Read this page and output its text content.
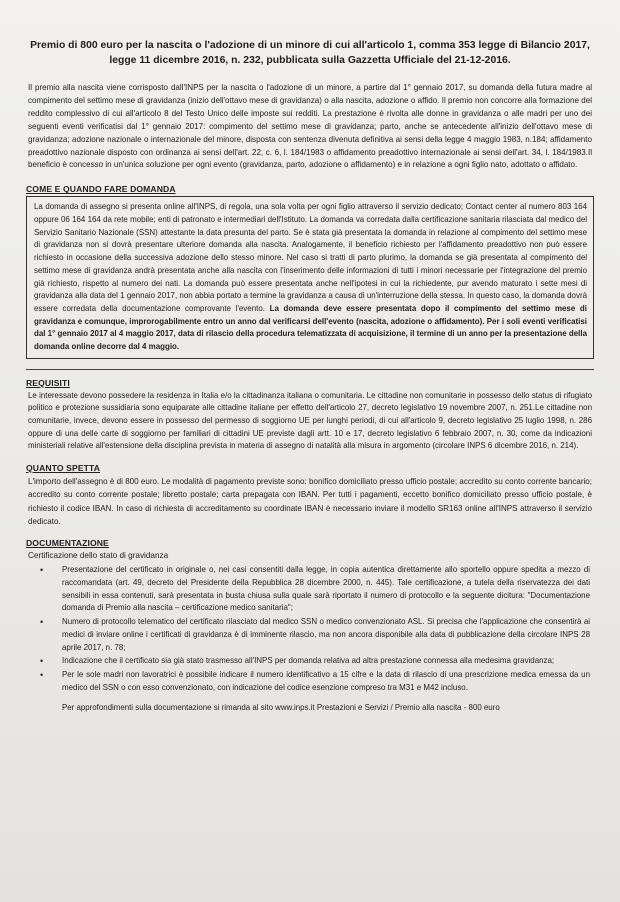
Premio di 800 euro per la nascita o l'adozione di un minore di cui all'articolo 1, comma 353 legge di Bilancio 2017, legge 11 dicembre 2016, n. 232, pubblicata sulla Gazzetta Ufficiale del 21-12-2016.

Il premio alla nascita viene corrisposto dall'INPS per la nascita o l'adozione di un minore, a partire dal 1° gennaio 2017, su domanda della futura madre al compimento del settimo mese di gravidanza (inizio dell'ottavo mese di gravidanza) o alla nascita, adozione o affido. Il premio non concorre alla formazione del reddito complessivo di cui all'articolo 8 del Testo Unico delle imposte sui redditi. La prestazione è rivolta alle donne in gravidanza o alle madri per uno dei seguenti eventi verificatisi dal 1° gennaio 2017: compimento del settimo mese di gravidanza; parto, anche se antecedente all'inizio dell'ottavo mese di gravidanza; adozione nazionale o internazionale del minore, disposta con sentenza divenuta definitiva ai sensi della legge 4 maggio 1983, n.184; affidamento preadottivo nazionale disposto con ordinanza ai sensi dell'art. 22, c. 6, l. 184/1983 o affidamento preadottivo internazionale ai sensi dell'art. 34, l. 184/1983.Il beneficio è concesso in un'unica soluzione per ogni evento (gravidanza, parto, adozione o affidamento) e in relazione a ogni figlio nato, adottato o affidato.

COME E QUANDO FARE DOMANDA
La domanda di assegno si presenta online all'INPS, di regola, una sola volta per ogni figlio attraverso il servizio dedicato; Contact center al numero 803 164 oppure 06 164 164 da rete mobile; enti di patronato e intermediari dell'Istituto. La domanda va corredata dalla certificazione sanitaria rilasciata dal medico del Servizio Sanitario Nazionale (SSN) attestante la data presunta del parto. Se è stata già presentata la domanda in relazione al compimento del settimo mese di gravidanza non si dovrà presentare ulteriore domanda alla nascita. Analogamente, il beneficio richiesto per l'affidamento preadottivo non può essere richiesto in occasione della successiva adozione dello stesso minore. Nel caso si tratti di parto plurimo, la domanda se già presentata al compimento del settimo mese di gravidanza andrà presentata anche alla nascita con l'inserimento delle informazioni di tutti i minori necessarie per l'integrazione del premio già richiesto, rispetto al numero dei nati. La domanda può essere presentata anche nell'ipotesi in cui la richiedente, pur avendo maturato i sette mesi di gravidanza alla data del 1 gennaio 2017, non abbia portato a termine la gravidanza a causa di un'interruzione della stessa. In questo caso, la domanda dovrà essere corredata della documentazione comprovante l'evento. La domanda deve essere presentata dopo il compimento del settimo mese di gravidanza e comunque, improrogabilmente entro un anno dal verificarsi dell'evento (nascita, adozione o affidamento). Per i soli eventi verificatisi dal 1° gennaio 2017 al 4 maggio 2017, data di rilascio della procedura telematizzata di acquisizione, il termine di un anno per la presentazione della domanda online decorre dal 4 maggio.
REQUISITI

Le interessate devono possedere la residenza in Italia e/o la cittadinanza italiana o comunitaria. Le cittadine non comunitarie in possesso dello status di rifugiato politico e protezione sussidiaria sono equiparate alle cittadine italiane per effetto dell'articolo 27, decreto legislativo 19 novembre 2007, n. 251.Le cittadine non comunitarie, invece, devono essere in possesso del permesso di soggiorno UE per lunghi periodi, di cui all'articolo 9, decreto legislativo 25 luglio 1998, n. 286 oppure di una delle carte di soggiorno per familiari di cittadini UE previste dagli artt. 10 e 17, decreto legislativo 6 febbraio 2007, n. 30, come da indicazioni ministeriali relative all'estensione della disciplina prevista in materia di assegno di natalità alla misura in argomento (circolare INPS 6 dicembre 2016, n. 214).

QUANTO SPETTA

L'importo dell'assegno è di 800 euro. Le modalità di pagamento previste sono: bonifico domiciliato presso ufficio postale; accredito su conto corrente bancario; accredito su conto corrente postale; libretto postale; carta prepagata con IBAN. Per tutti i pagamenti, eccetto bonifico domiciliato presso ufficio postale, è richiesto il codice IBAN. In caso di richiesta di accreditamento su coordinate IBAN è necessario inviare il modello SR163 online all'INPS attraverso il servizio dedicato.

DOCUMENTAZIONE
Certificazione dello stato di gravidanza
• Presentazione del certificato in originale o, nei casi consentiti dalla legge, in copia autentica direttamente allo sportello oppure spedita a mezzo di raccomandata (art. 49, decreto del Presidente della Repubblica 28 dicembre 2000, n. 445). Tale certificazione, a tutela della riservatezza dei dati sensibili in essa contenuti, sarà presentata in busta chiusa sulla quale sarà riportato il numero di protocollo e la seguente dicitura: "Documentazione domanda di Premio alla nascita – certificazione medico sanitaria";
• Numero di protocollo telematico del certificato rilasciato dal medico SSN o medico convenzionato ASL. Si precisa che l'applicazione che consentirà ai medici di inviare online i certificati di gravidanza è di imminente rilascio, ma non ancora disponibile alla data di pubblicazione della circolare INPS 28 aprile 2017, n. 78;
• Indicazione che il certificato sia già stato trasmesso all'INPS per domanda relativa ad altra prestazione connessa alla medesima gravidanza;
• Per le sole madri non lavoratrici è possibile indicare il numero identificativo a 15 cifre e la data di rilascio di una prescrizione medica emessa da un medico del SSN o con esso convenzionato, con indicazione del codice esenzione compreso tra M31 e M42 incluso.

Per approfondimenti sulla documentazione si rimanda al sito www.inps.it Prestazioni e Servizi / Premio alla nascita - 800 euro
